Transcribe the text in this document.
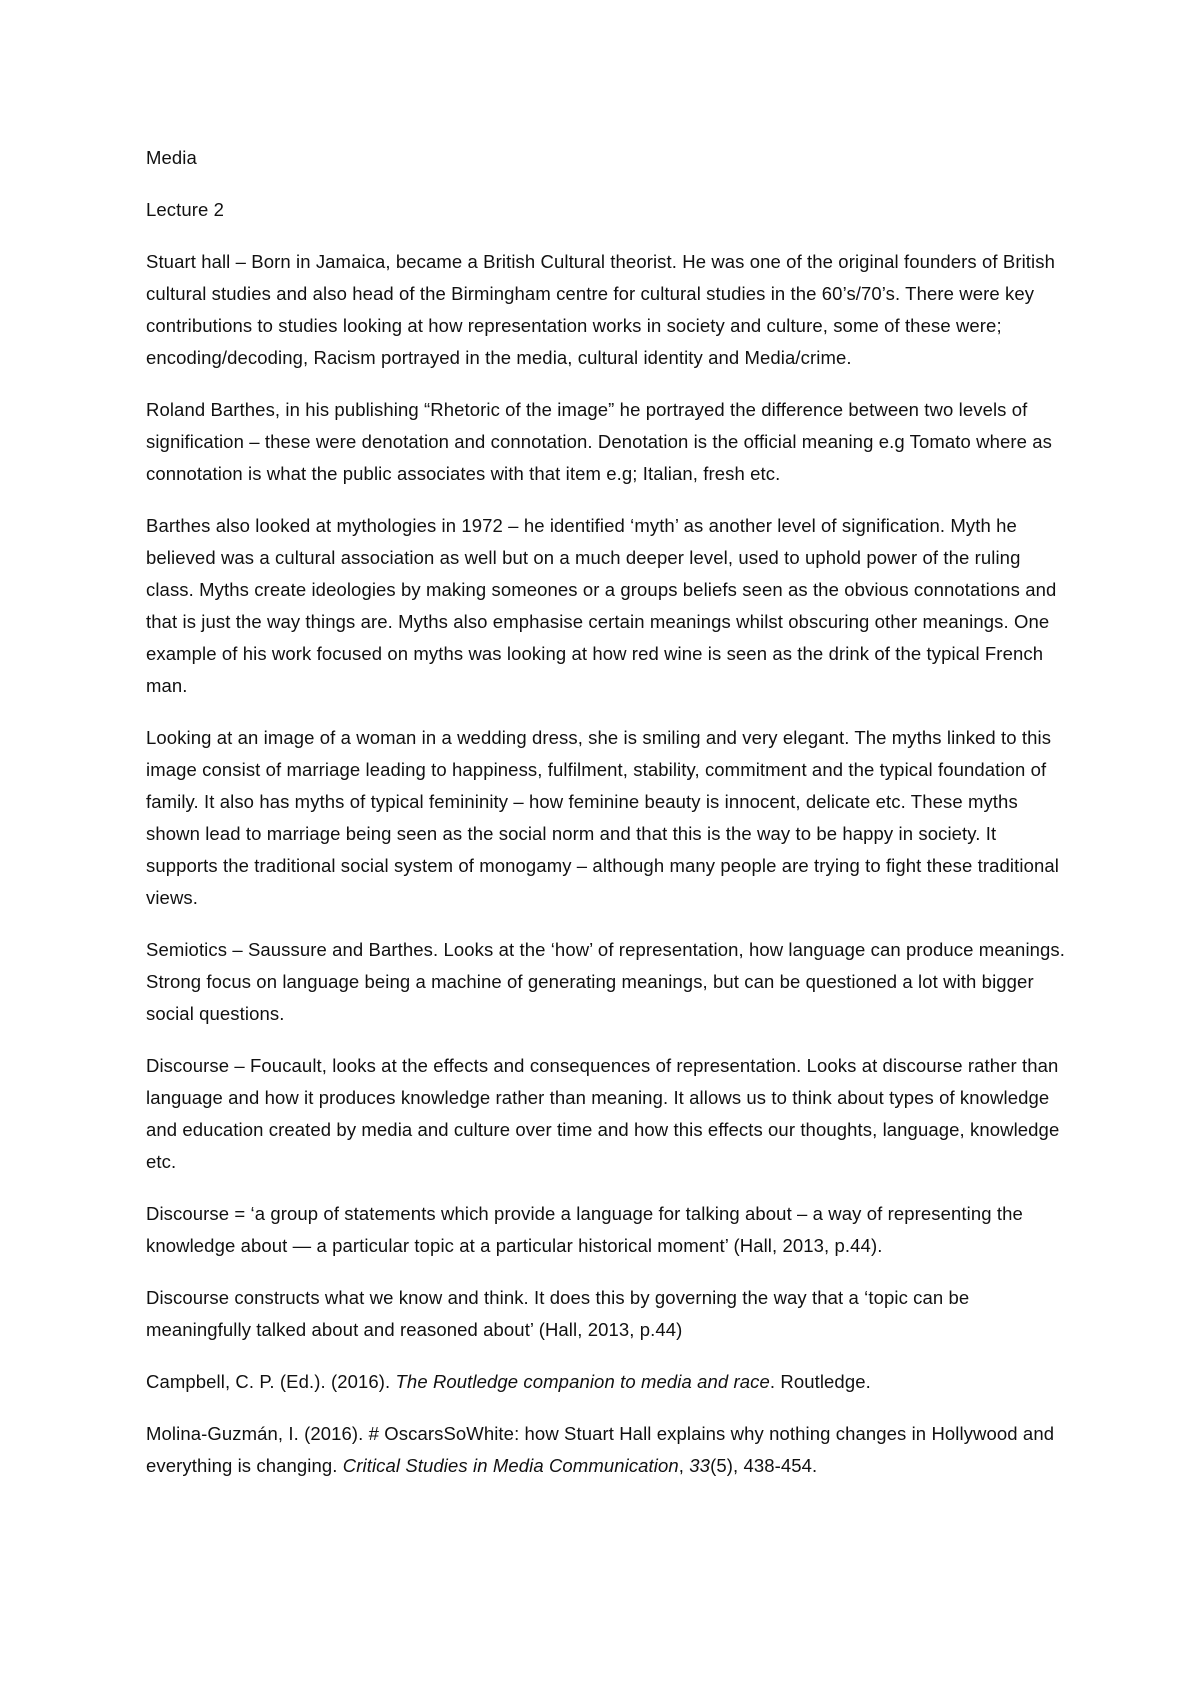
Media

Lecture 2

Stuart hall – Born in Jamaica, became a British Cultural theorist. He was one of the original founders of British cultural studies and also head of the Birmingham centre for cultural studies in the 60’s/70’s. There were key contributions to studies looking at how representation works in society and culture, some of these were; encoding/decoding, Racism portrayed in the media, cultural identity and Media/crime.

Roland Barthes, in his publishing “Rhetoric of the image” he portrayed the difference between two levels of signification – these were denotation and connotation. Denotation is the official meaning e.g Tomato where as connotation is what the public associates with that item e.g; Italian, fresh etc.

Barthes also looked at mythologies in 1972 – he identified ‘myth’ as another level of signification. Myth he believed was a cultural association as well but on a much deeper level, used to uphold power of the ruling class. Myths create ideologies by making someones or a groups beliefs seen as the obvious connotations and that is just the way things are. Myths also emphasise certain meanings whilst obscuring other meanings. One example of his work focused on myths was looking at how red wine is seen as the drink of the typical French man.

Looking at an image of a woman in a wedding dress, she is smiling and very elegant. The myths linked to this image consist of marriage leading to happiness, fulfilment, stability, commitment and the typical foundation of family. It also has myths of typical femininity – how feminine beauty is innocent, delicate etc. These myths shown lead to marriage being seen as the social norm and that this is the way to be happy in society. It supports the traditional social system of monogamy – although many people are trying to fight these traditional views.

Semiotics – Saussure and Barthes. Looks at the ‘how’ of representation, how language can produce meanings. Strong focus on language being a machine of generating meanings, but can be questioned a lot with bigger social questions.

Discourse – Foucault, looks at the effects and consequences of representation. Looks at discourse rather than language and how it produces knowledge rather than meaning. It allows us to think about types of knowledge and education created by media and culture over time and how this effects our thoughts, language, knowledge etc.

Discourse = ‘a group of statements which provide a language for talking about – a way of representing the knowledge about — a particular topic at a particular historical moment’ (Hall, 2013, p.44).

Discourse constructs what we know and think. It does this by governing the way that a ‘topic can be meaningfully talked about and reasoned about’ (Hall, 2013, p.44)

Campbell, C. P. (Ed.). (2016). The Routledge companion to media and race. Routledge.

Molina-Guzmán, I. (2016). # OscarsSoWhite: how Stuart Hall explains why nothing changes in Hollywood and everything is changing. Critical Studies in Media Communication, 33(5), 438-454.
